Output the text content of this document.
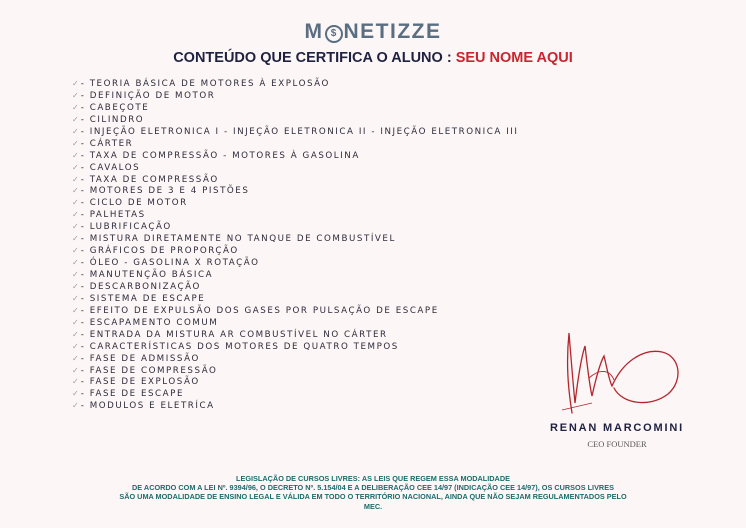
M $ NETIZZE
CONTEÚDO QUE CERTIFICA O ALUNO : SEU NOME AQUI
✓ - TEORIA BÁSICA DE MOTORES À EXPLOSÃO
✓ - DEFINIÇÃO DE MOTOR
✓ - CABEÇOTE
✓ - CILINDRO
✓ - INJEÇÃO ELETRONICA I - INJEÇÃO ELETRONICA II - INJEÇÃO ELETRONICA III
✓ - CÁRTER
✓ - TAXA DE COMPRESSÃO - MOTORES À GASOLINA
✓ - CAVALOS
✓ - TAXA DE COMPRESSÃO
✓ - MOTORES DE 3 E 4 PISTÕES
✓ - CICLO DE MOTOR
✓ - PALHETAS
✓ - LUBRIFICAÇÃO
✓ - MISTURA DIRETAMENTE NO TANQUE DE COMBUSTÍVEL
✓ - GRÁFICOS DE PROPORÇÃO
✓ - ÓLEO - GASOLINA X ROTAÇÃO
✓ - MANUTENÇÃO BÁSICA
✓ - DESCARBONIZAÇÃO
✓ - SISTEMA DE ESCAPE
✓ - EFEITO DE EXPULSÃO DOS GASES POR PULSAÇÃO DE ESCAPE
✓ - ESCAPAMENTO COMUM
✓ - ENTRADA DA MISTURA AR COMBUSTÍVEL NO CÁRTER
✓ - CARACTERÍSTICAS DOS MOTORES DE QUATRO TEMPOS
✓ - FASE DE ADMISSÃO
✓ - FASE DE COMPRESSÃO
✓ - FASE DE EXPLOSÃO
✓ - FASE DE ESCAPE
✓ - MODULOS E ELETRÍCA
RENAN MARCOMINI
CEO FOUNDER
LEGISLAÇÃO DE CURSOS LIVRES: AS LEIS QUE REGEM ESSA MODALIDADE
DE ACORDO COM A LEI Nº. 9394/96, O DECRETO Nº. 5.154/04 E A DELIBERAÇÃO CEE 14/97 (INDICAÇÃO CEE 14/97), OS CURSOS LIVRES
SÃO UMA MODALIDADE DE ENSINO LEGAL E VÁLIDA EM TODO O TERRITÓRIO NACIONAL, AINDA QUE NÃO SEJAM REGULAMENTADOS PELO
MEC.
